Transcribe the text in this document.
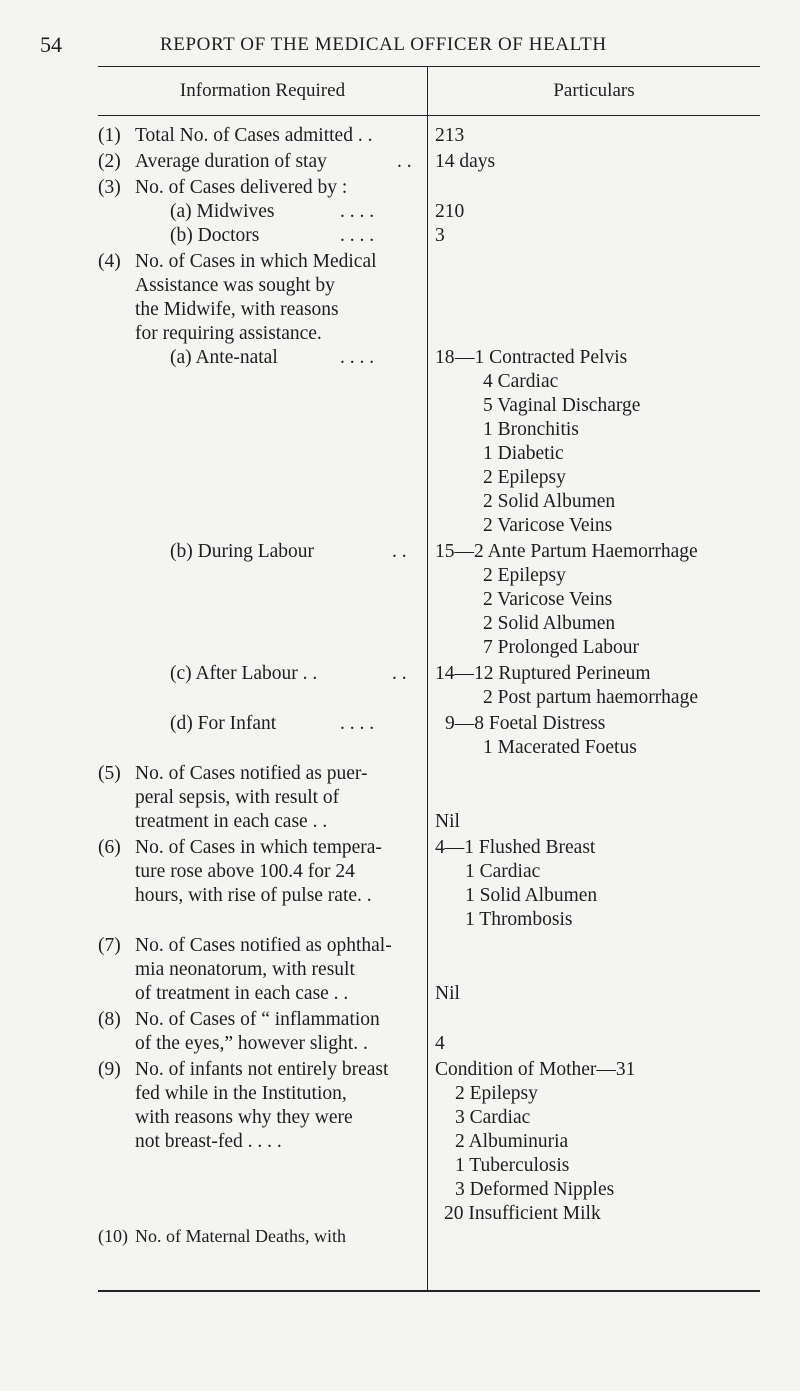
54	REPORT OF THE MEDICAL OFFICER OF HEALTH
Information Required	Particulars
(1) Total No. of Cases admitted . .	213
(2) Average duration of stay	. . 14 days
(3) No. of Cases delivered by :
(a) Midwives	. . . .	210
(b) Doctors	. . . .	3
(4) No. of Cases in which Medical
Assistance was sought by
the Midwife, with reasons
for requiring assistance.
(a) Ante-natal	. . . .	18—1 Contracted Pelvis
4 Cardiac
5 Vaginal Discharge
1 Bronchitis
1 Diabetic
2 Epilepsy
2 Solid Albumen
2 Varicose Veins
(b) During Labour	. . 15—2 Ante Partum Haemorrhage
2 Epilepsy
2 Varicose Veins
2 Solid Albumen
7 Prolonged Labour
(c) After Labour . .	. . 14—12 Ruptured Perineum
2 Post partum haemorrhage
(d) For Infant	. . . .	9—8 Foetal Distress
1 Macerated Foetus
(5) No. of Cases notified as puer-
peral sepsis, with result of
treatment in each case . .	Nil
(6) No. of Cases in which tempera-	4—1 Flushed Breast
ture rose above 100.4 for 24	1 Cardiac
hours, with rise of pulse rate. .	1 Solid Albumen
1 Thrombosis
(7) No. of Cases notified as ophthal-
mia neonatorum, with result
of treatment in each case . .	Nil
(8) No. of Cases of “ inflammation
of the eyes,” however slight. .	4
(9) No. of infants not entirely breast	Condition of Mother—31
fed while in the Institution,	2 Epilepsy
with reasons why they were	3 Cardiac
not breast-fed . . . .	2 Albuminuria
1 Tuberculosis
3 Deformed Nipples
20 Insufficient Milk
(10) No. of Maternal Deaths, with
